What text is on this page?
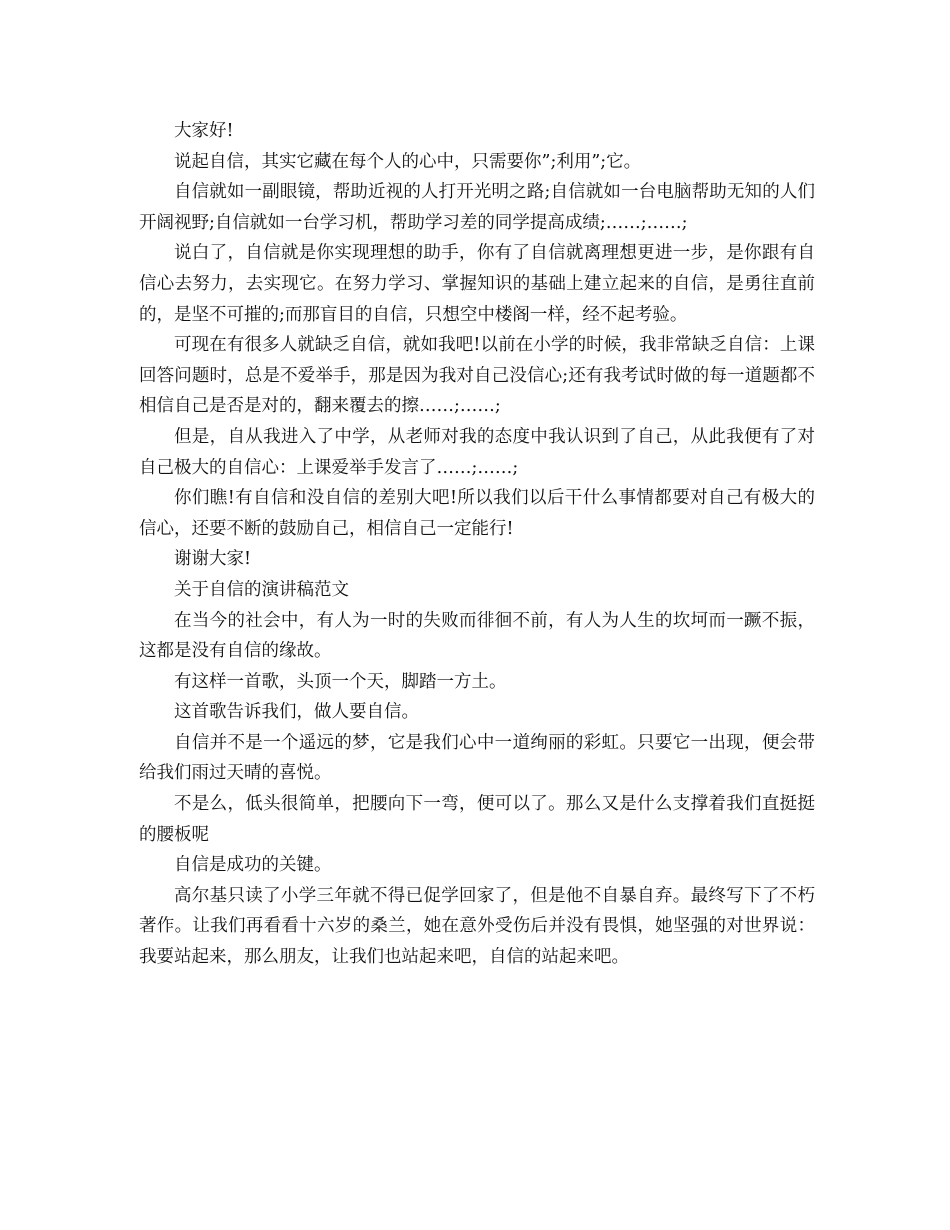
大家好!

说起自信，其实它藏在每个人的心中，只需要你”;利用”;它。

自信就如一副眼镜，帮助近视的人打开光明之路;自信就如一台电脑帮助无知的人们开阔视野;自信就如一台学习机，帮助学习差的同学提高成绩;……;……;

说白了，自信就是你实现理想的助手，你有了自信就离理想更进一步，是你跟有自信心去努力，去实现它。在努力学习、掌握知识的基础上建立起来的自信，是勇往直前的，是坚不可摧的;而那盲目的自信，只想空中楼阁一样，经不起考验。

可现在有很多人就缺乏自信，就如我吧!以前在小学的时候，我非常缺乏自信：上课回答问题时，总是不爱举手，那是因为我对自己没信心;还有我考试时做的每一道题都不相信自己是否是对的，翻来覆去的擦……;……;

但是，自从我进入了中学，从老师对我的态度中我认识到了自己，从此我便有了对自己极大的自信心：上课爱举手发言了……;……;

你们瞧!有自信和没自信的差别大吧!所以我们以后干什么事情都要对自己有极大的信心，还要不断的鼓励自己，相信自己一定能行!

谢谢大家!

关于自信的演讲稿范文

在当今的社会中，有人为一时的失败而徘徊不前，有人为人生的坎坷而一蹶不振，这都是没有自信的缘故。

有这样一首歌，头顶一个天，脚踏一方土。

这首歌告诉我们，做人要自信。

自信并不是一个遥远的梦，它是我们心中一道绚丽的彩虹。只要它一出现，便会带给我们雨过天晴的喜悦。

不是么，低头很简单，把腰向下一弯，便可以了。那么又是什么支撑着我们直挺挺的腰板呢

自信是成功的关键。

高尔基只读了小学三年就不得已促学回家了，但是他不自暴自弃。最终写下了不朽著作。让我们再看看十六岁的桑兰，她在意外受伤后并没有畏惧，她坚强的对世界说：我要站起来，那么朋友，让我们也站起来吧，自信的站起来吧。
